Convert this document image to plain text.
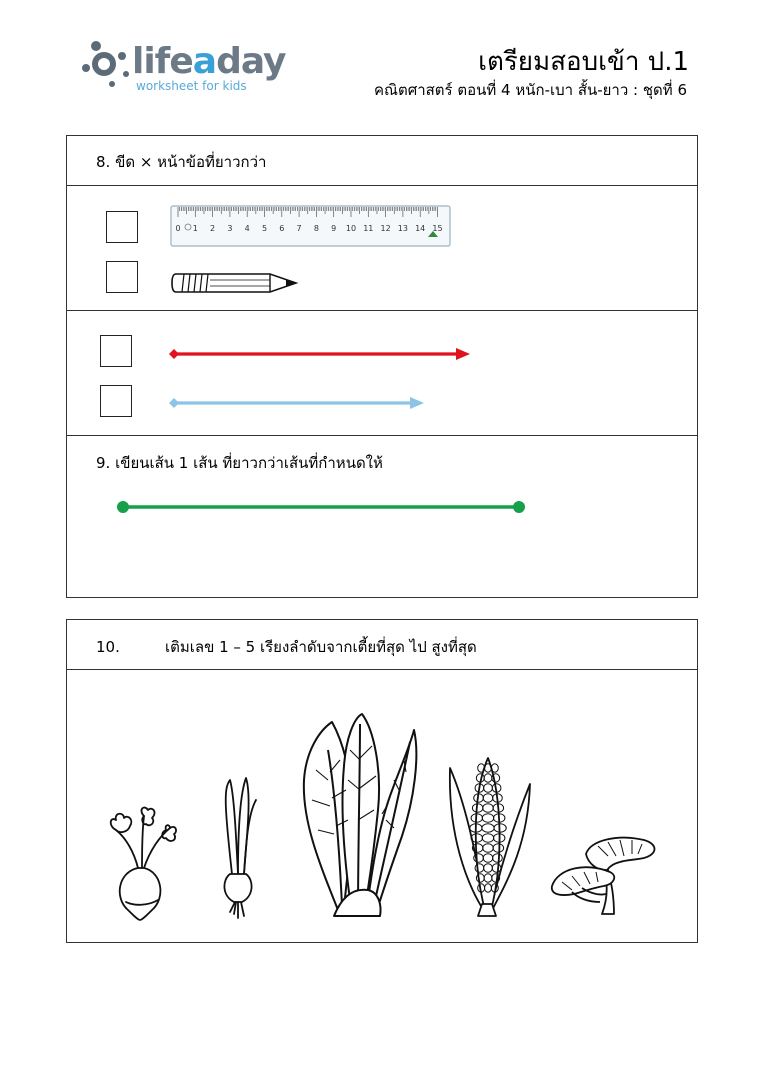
lifeaday
worksheet for kids
เตรียมสอบเข้า ป.1
คณิตศาสตร์ ตอนที่ 4 หนัก-เบา สั้น-ยาว : ชุดที่ 6
8. ขีด × หน้าข้อที่ยาวกว่า
0 1 2 3 4 5 6 7 8 9 10 11 12 13 14 15
9. เขียนเส้น 1 เส้น ที่ยาวกว่าเส้นที่กำหนดให้
10.	เติมเลข 1 – 5 เรียงลำดับจากเตี้ยที่สุด ไป สูงที่สุด
